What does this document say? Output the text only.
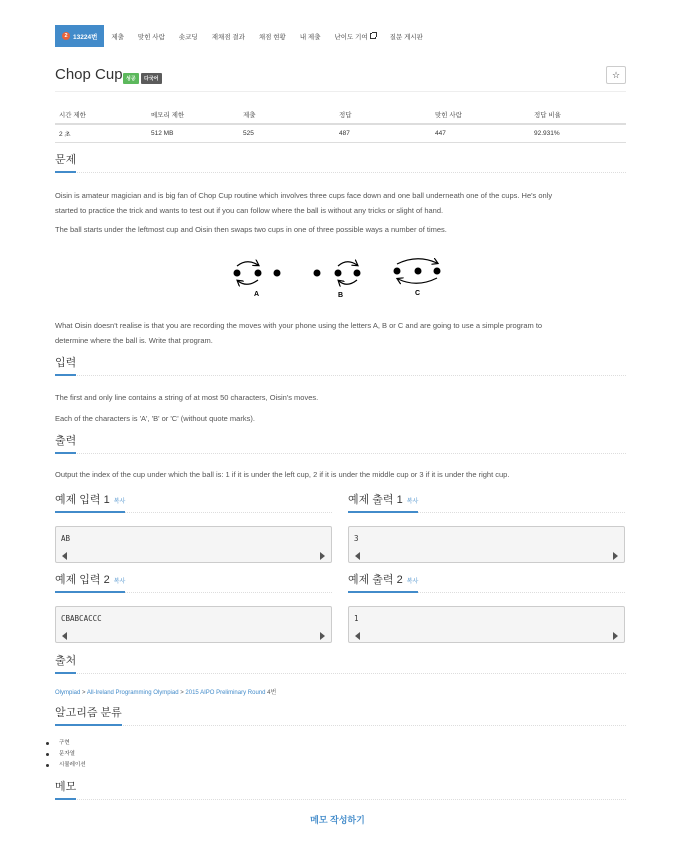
2 13224번	제출	맞힌 사람	숏코딩	재채점 결과	채점 현황	내 제출	난이도 기여	질문 게시판
Chop Cup 성공	다국어	☆
시간 제한	메모리 제한	제출	정답	맞힌 사람	정답 비율
2 초	512 MB	525	487	447	92.931%
문제
Oisin is amateur magician and is big fan of Chop Cup routine which involves three cups face down and one ball underneath one of the cups. He's only
started to practice the trick and wants to test out if you can follow where the ball is without any tricks or slight of hand.
The ball starts under the leftmost cup and Oisin then swaps two cups in one of three possible ways a number of times.
A	B	C
What Oisin doesn't realise is that you are recording the moves with your phone using the letters A, B or C and are going to use a simple program to
determine where the ball is. Write that program.
입력
The first and only line contains a string of at most 50 characters, Oisin's moves.
Each of the characters is 'A', 'B' or 'C' (without quote marks).
출력
Output the index of the cup under which the ball is: 1 if it is under the left cup, 2 if it is under the middle cup or 3 if it is under the right cup.
예제 입력 1 복사	예제 출력 1 복사
AB	3
예제 입력 2 복사	예제 출력 2 복사
CBABCACCC	1
출처
Olympiad > All-Ireland Programming Olympiad > 2015 AIPO Preliminary Round 4번
알고리즘 분류
구현
문자열
시뮬레이션
메모
메모 작성하기
